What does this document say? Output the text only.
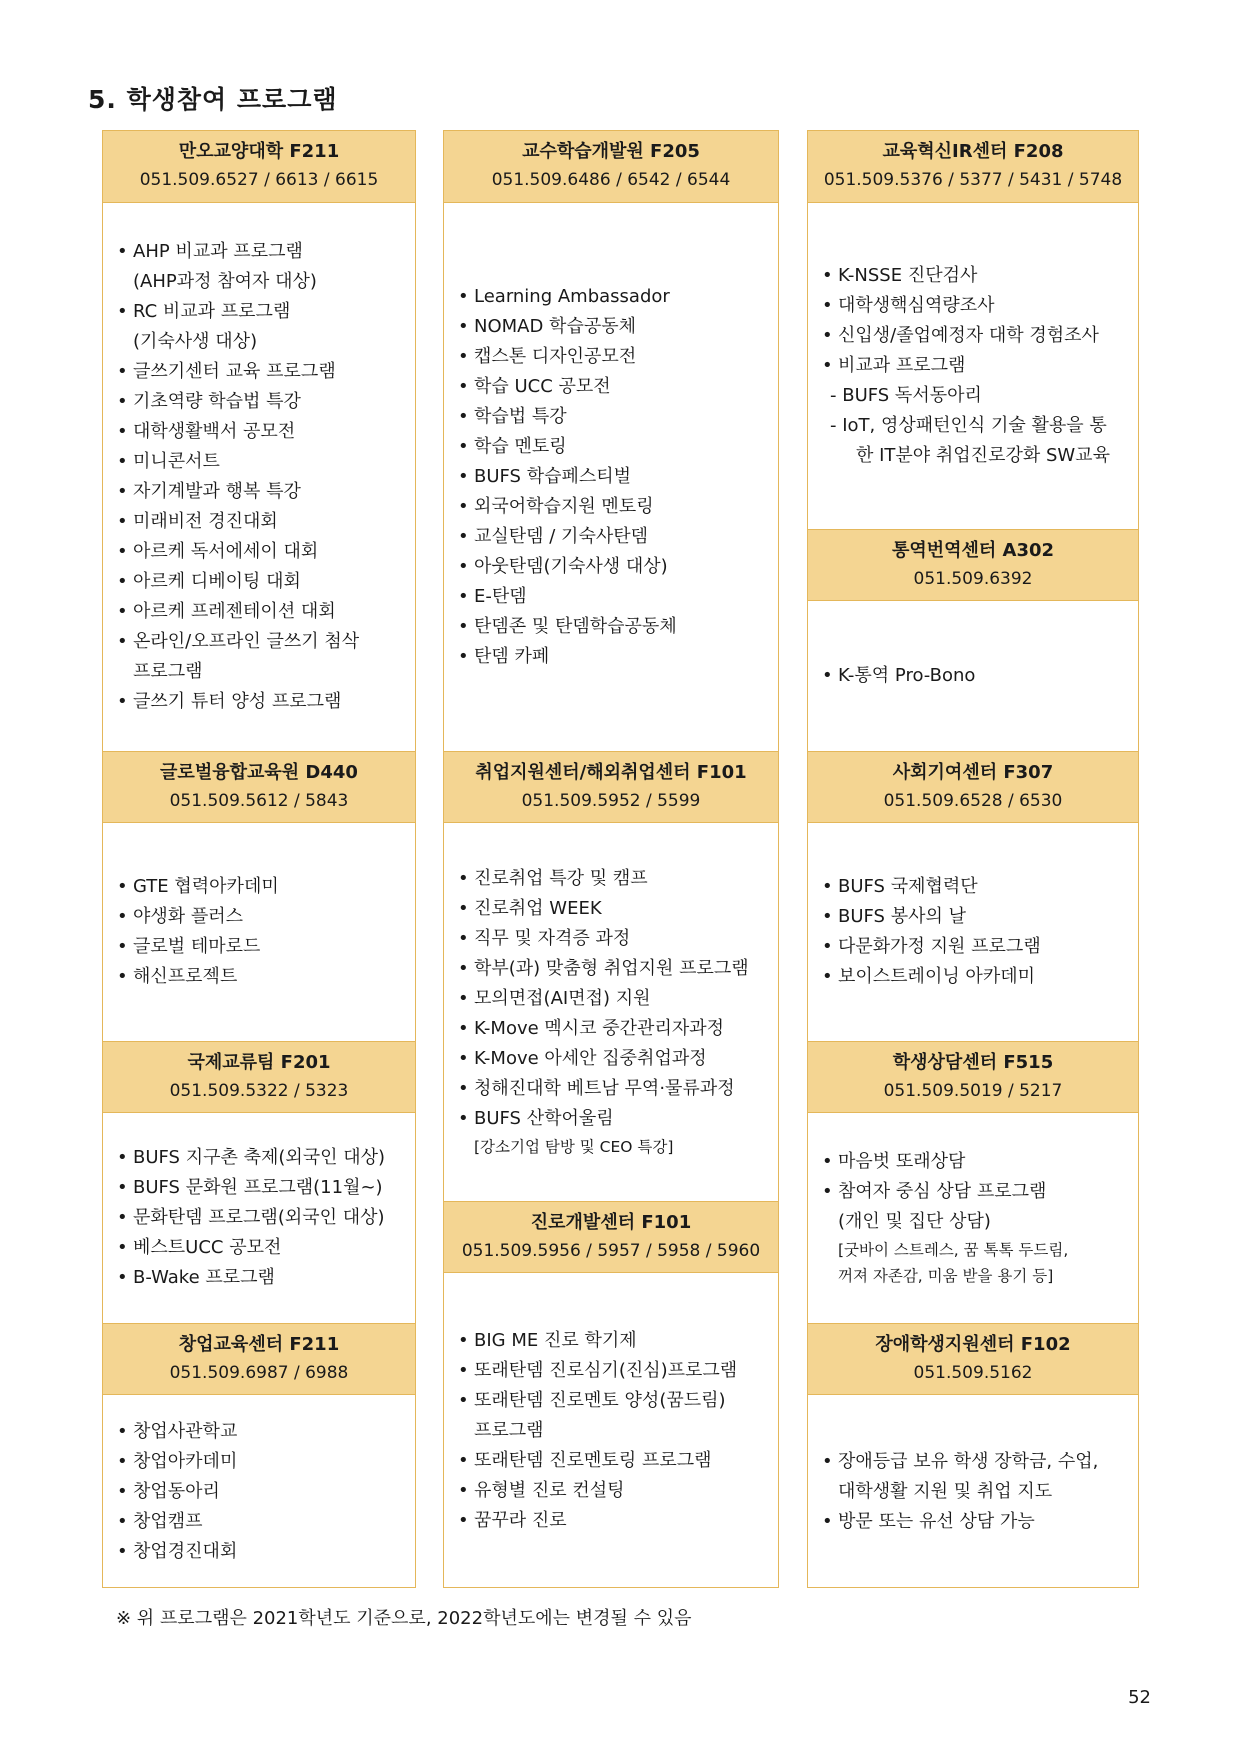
5. 학생참여 프로그램
만오교양대학 F211
051.509.6527 / 6613 / 6615
• AHP 비교과 프로그램
(AHP과정 참여자 대상)
• RC 비교과 프로그램
(기숙사생 대상)
• 글쓰기센터 교육 프로그램
• 기초역량 학습법 특강
• 대학생활백서 공모전
• 미니콘서트
• 자기계발과 행복 특강
• 미래비전 경진대회
• 아르케 독서에세이 대회
• 아르케 디베이팅 대회
• 아르케 프레젠테이션 대회
• 온라인/오프라인 글쓰기 첨삭
프로그램
• 글쓰기 튜터 양성 프로그램
글로벌융합교육원 D440
051.509.5612 / 5843
• GTE 협력아카데미
• 야생화 플러스
• 글로벌 테마로드
• 해신프로젝트
국제교류팀 F201
051.509.5322 / 5323
• BUFS 지구촌 축제(외국인 대상)
• BUFS 문화원 프로그램(11월~)
• 문화탄뎀 프로그램(외국인 대상)
• 베스트UCC 공모전
• B-Wake 프로그램
창업교육센터 F211
051.509.6987 / 6988
• 창업사관학교
• 창업아카데미
• 창업동아리
• 창업캠프
• 창업경진대회
교수학습개발원 F205
051.509.6486 / 6542 / 6544
• Learning Ambassador
• NOMAD 학습공동체
• 캡스톤 디자인공모전
• 학습 UCC 공모전
• 학습법 특강
• 학습 멘토링
• BUFS 학습페스티벌
• 외국어학습지원 멘토링
• 교실탄뎀 / 기숙사탄뎀
• 아웃탄뎀(기숙사생 대상)
• E-탄뎀
• 탄뎀존 및 탄뎀학습공동체
• 탄뎀 카페
취업지원센터/해외취업센터 F101
051.509.5952 / 5599
• 진로취업 특강 및 캠프
• 진로취업 WEEK
• 직무 및 자격증 과정
• 학부(과) 맞춤형 취업지원 프로그램
• 모의면접(AI면접) 지원
• K-Move 멕시코 중간관리자과정
• K-Move 아세안 집중취업과정
• 청해진대학 베트남 무역·물류과정
• BUFS 산학어울림
[강소기업 탐방 및 CEO 특강]
진로개발센터 F101
051.509.5956 / 5957 / 5958 / 5960
• BIG ME 진로 학기제
• 또래탄뎀 진로심기(진심)프로그램
• 또래탄뎀 진로멘토 양성(꿈드림)
프로그램
• 또래탄뎀 진로멘토링 프로그램
• 유형별 진로 컨설팅
• 꿈꾸라 진로
교육혁신IR센터 F208
051.509.5376 / 5377 / 5431 / 5748
• K-NSSE 진단검사
• 대학생핵심역량조사
• 신입생/졸업예정자 대학 경험조사
• 비교과 프로그램
- BUFS 독서동아리
- IoT, 영상패턴인식 기술 활용을 통
한 IT분야 취업진로강화 SW교육
통역번역센터 A302
051.509.6392
• K-통역 Pro-Bono
사회기여센터 F307
051.509.6528 / 6530
• BUFS 국제협력단
• BUFS 봉사의 날
• 다문화가정 지원 프로그램
• 보이스트레이닝 아카데미
학생상담센터 F515
051.509.5019 / 5217
• 마음벗 또래상담
• 참여자 중심 상담 프로그램
(개인 및 집단 상담)
[굿바이 스트레스, 꿈 톡톡 두드림,
꺼져 자존감, 미움 받을 용기 등]
장애학생지원센터 F102
051.509.5162
• 장애등급 보유 학생 장학금, 수업,
대학생활 지원 및 취업 지도
• 방문 또는 유선 상담 가능
※ 위 프로그램은 2021학년도 기준으로, 2022학년도에는 변경될 수 있음
52
